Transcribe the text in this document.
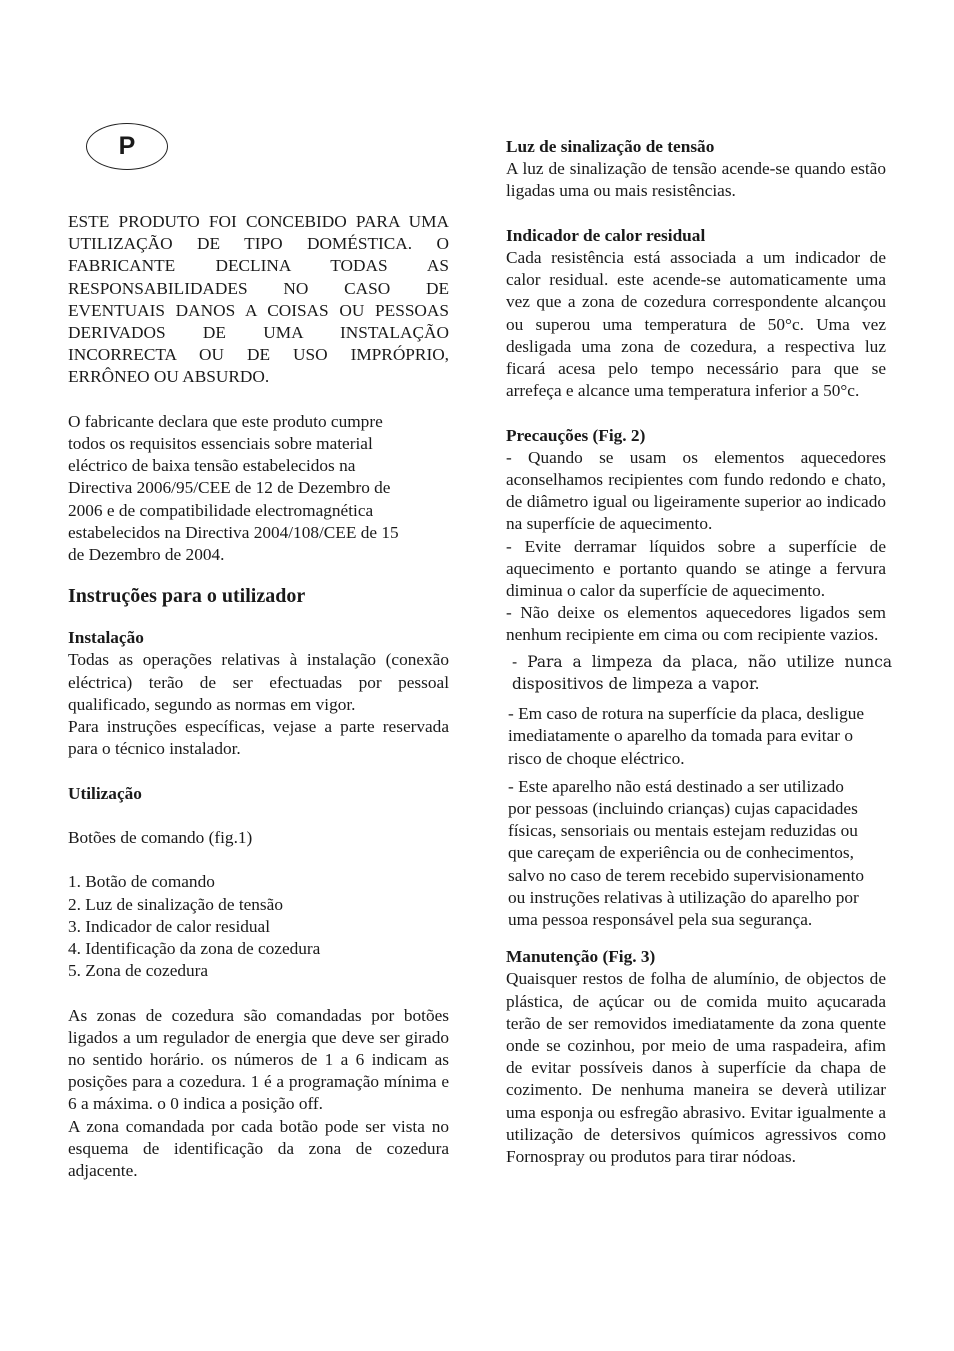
P

ESTE PRODUTO FOI CONCEBIDO PARA UMA UTILIZAÇÃO DE TIPO DOMÉSTICA. O FABRICANTE DECLINA TODAS AS RESPONSABILIDADES NO CASO DE EVENTUAIS DANOS A COISAS OU PESSOAS DERIVADOS DE UMA INSTALAÇÃO INCORRECTA OU DE USO IMPRÓPRIO, ERRÔNEO OU ABSURDO.

O fabricante declara que este produto cumpre
todos os requisitos essenciais sobre material
eléctrico de baixa tensão estabelecidos na
Directiva 2006/95/CEE de 12 de Dezembro de
2006 e de compatibilidade electromagnética
estabelecidos na Directiva 2004/108/CEE de 15
de Dezembro de 2004.

Instruções para o utilizador

Instalação

Todas as operações relativas à instalação (conexão eléctrica) terão de ser efectuadas por pessoal qualificado, segundo as normas em vigor.

Para instruções específicas, vejase a parte reservada para o técnico instalador.

Utilização

Botões de comando (fig.1)

1. Botão de comando
2. Luz de sinalização de tensão
3. Indicador de calor residual
4. Identificação da zona de cozedura
5. Zona de cozedura

As zonas de cozedura são comandadas por botões ligados a um regulador de energia que deve ser girado no sentido horário. os números de 1 a 6 indicam as posições para a cozedura. 1 é a programação mínima e 6 a máxima. o 0 indica a posição off.

A zona comandada por cada botão pode ser vista no esquema de identificação da zona de cozedura adjacente.

Luz de sinalização de tensão

A luz de sinalização de tensão acende-se quando estão ligadas uma ou mais resistências.

Indicador de calor residual

Cada resistência está associada a um indicador de calor residual. este acende-se automaticamente uma vez que a zona de cozedura correspondente alcançou ou superou uma temperatura de 50°c. Uma vez desligada uma zona de cozedura, a respectiva luz ficará acesa pelo tempo necessário para que se arrefeça e alcance uma temperatura inferior a 50°c.

Precauções (Fig. 2)

- Quando se usam os elementos aquecedores aconselhamos recipientes com fundo redondo e chato, de diâmetro igual ou ligeiramente superior ao indicado na superfície de aquecimento.

- Evite derramar líquidos sobre a superfície de aquecimento e portanto quando se atinge a fervura diminua o calor da superfície de aquecimento.

- Não deixe os elementos aquecedores ligados sem nenhum recipiente em cima ou com recipiente vazios.

- Para a limpeza da placa, não utilize nunca dispositivos de limpeza a vapor.

- Em caso de rotura na superfície da placa, desligue
imediatamente o aparelho da tomada para evitar o
risco de choque eléctrico.
- Este aparelho não está destinado a ser utilizado
por pessoas (incluindo crianças) cujas capacidades
físicas, sensoriais ou mentais estejam reduzidas ou
que careçam de experiência ou de conhecimentos,
salvo no caso de terem recebido supervisionamento
ou instruções relativas à utilização do aparelho por
uma pessoa responsável pela sua segurança.

Manutenção (Fig. 3)

Quaisquer restos de folha de alumínio, de objectos de plástica, de açúcar ou de comida muito açucarada terão de ser removidos imediatamente da zona quente onde se cozinhou, por meio de uma raspadeira, afim de evitar possíveis danos à superfície da chapa de cozimento. De nenhuma maneira se deverà utilizar uma esponja ou esfregão abrasivo. Evitar igualmente a utilização de detersivos químicos agressivos como Fornospray ou produtos para tirar nódoas.
